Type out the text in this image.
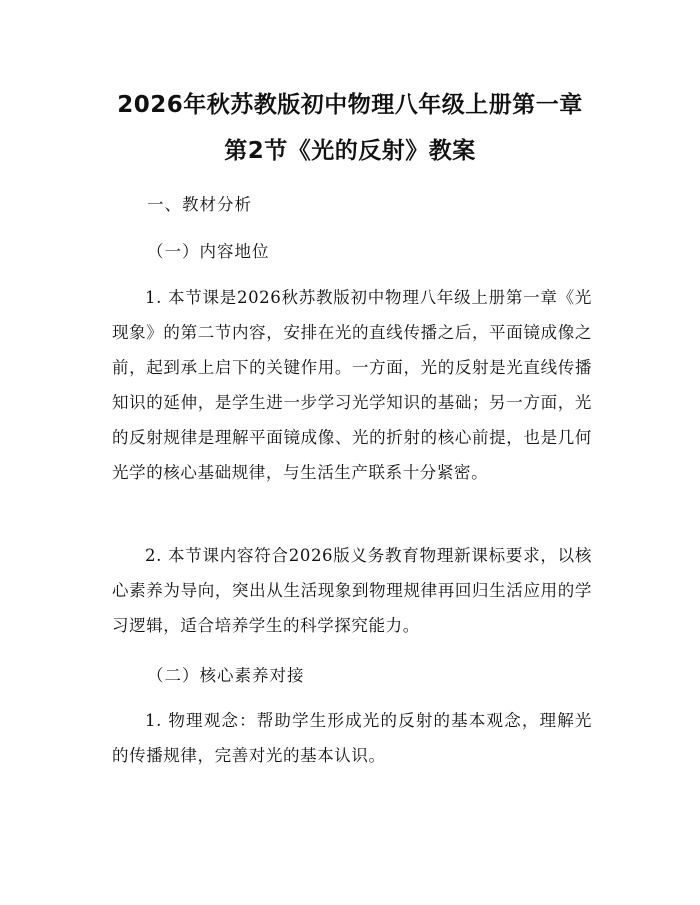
2026年秋苏教版初中物理八年级上册第一章
第2节《光的反射》教案
一、教材分析
（一）内容地位
1. 本节课是2026秋苏教版初中物理八年级上册第一章《光现象》的第二节内容，安排在光的直线传播之后，平面镜成像之前，起到承上启下的关键作用。一方面，光的反射是光直线传播知识的延伸，是学生进一步学习光学知识的基础；另一方面，光的反射规律是理解平面镜成像、光的折射的核心前提，也是几何光学的核心基础规律，与生活生产联系十分紧密。
2. 本节课内容符合2026版义务教育物理新课标要求，以核心素养为导向，突出从生活现象到物理规律再回归生活应用的学习逻辑，适合培养学生的科学探究能力。
（二）核心素养对接
1. 物理观念：帮助学生形成光的反射的基本观念，理解光的传播规律，完善对光的基本认识。
